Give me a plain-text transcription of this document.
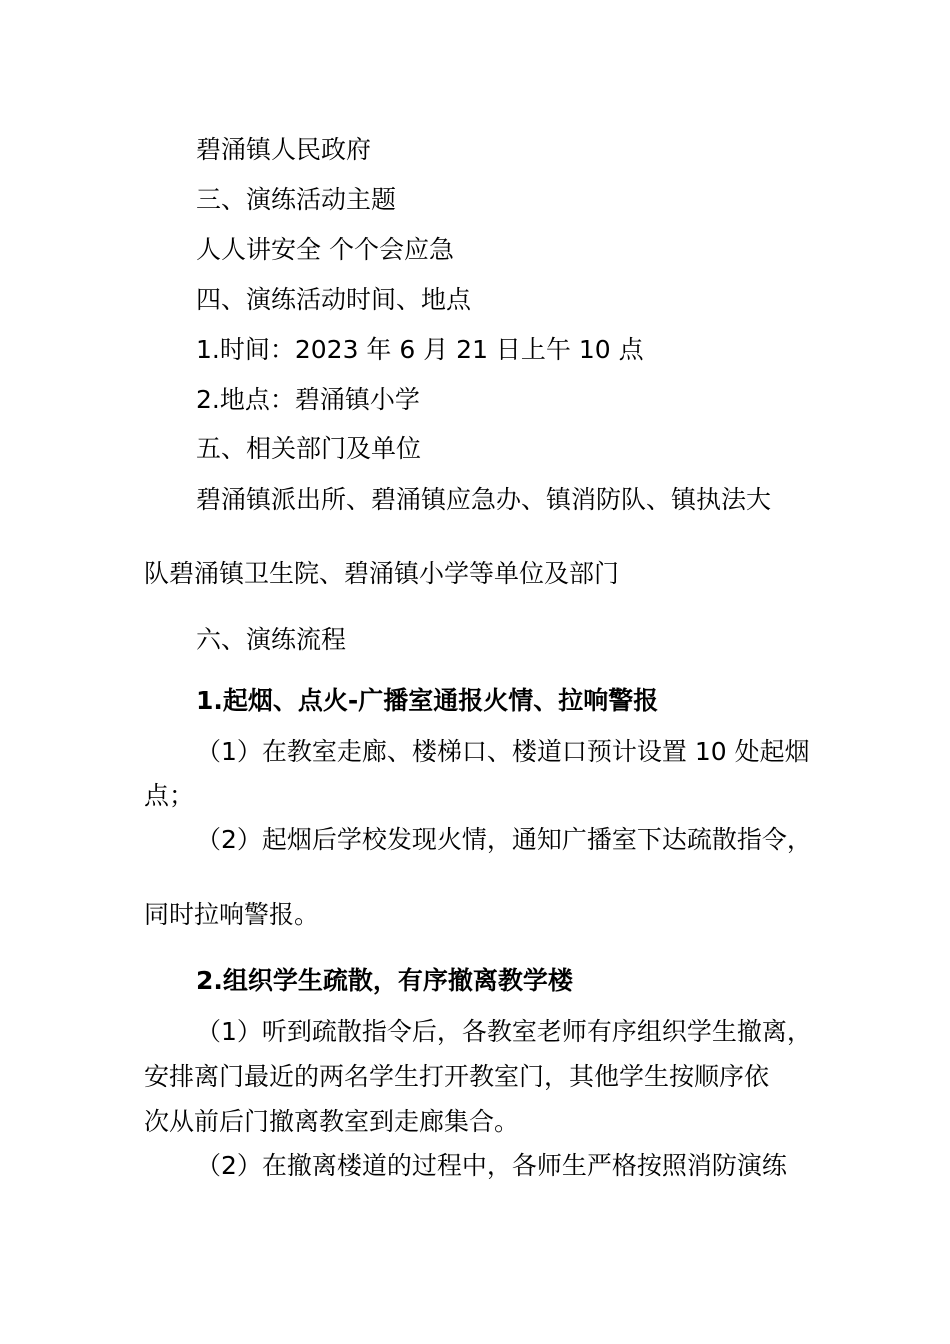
碧涌镇人民政府
三、演练活动主题
人人讲安全 个个会应急
四、演练活动时间、地点
1.时间：2023 年 6 月 21 日上午 10 点
2.地点：碧涌镇小学
五、相关部门及单位
碧涌镇派出所、碧涌镇应急办、镇消防队、镇执法大
队碧涌镇卫生院、碧涌镇小学等单位及部门
六、演练流程
1.起烟、点火-广播室通报火情、拉响警报
（1）在教室走廊、楼梯口、楼道口预计设置 10 处起烟
点；
（2）起烟后学校发现火情，通知广播室下达疏散指令，
同时拉响警报。
2.组织学生疏散，有序撤离教学楼
（1）听到疏散指令后，各教室老师有序组织学生撤离，
安排离门最近的两名学生打开教室门，其他学生按顺序依
次从前后门撤离教室到走廊集合。
（2）在撤离楼道的过程中，各师生严格按照消防演练
